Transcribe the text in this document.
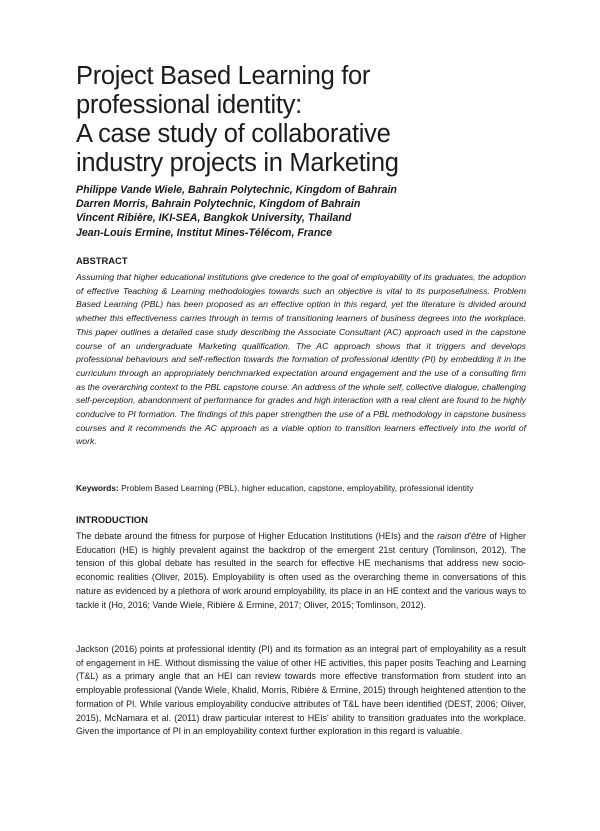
Project Based Learning for
professional identity:
A case study of collaborative
industry projects in Marketing
Philippe Vande Wiele, Bahrain Polytechnic, Kingdom of Bahrain
Darren Morris, Bahrain Polytechnic, Kingdom of Bahrain
Vincent Ribière, IKI-SEA, Bangkok University, Thailand
Jean-Louis Ermine, Institut Mines-Télécom, France
ABSTRACT

Assuming that higher educational institutions give credence to the goal of employability of its graduates, the adoption of effective Teaching & Learning methodologies towards such an objective is vital to its purposefulness. Problem Based Learning (PBL) has been proposed as an effective option in this regard, yet the literature is divided around whether this effectiveness carries through in terms of transitioning learners of business degrees into the workplace. This paper outlines a detailed case study describing the Associate Consultant (AC) approach used in the capstone course of an undergraduate Marketing qualification. The AC approach shows that it triggers and develops professional behaviours and self-reflection towards the formation of professional identity (PI) by embedding it in the curriculum through an appropriately benchmarked expectation around engagement and the use of a consulting firm as the overarching context to the PBL capstone course. An address of the whole self, collective dialogue, challenging self-perception, abandonment of performance for grades and high interaction with a real client are found to be highly conducive to PI formation. The findings of this paper strengthen the use of a PBL methodology in capstone business courses and it recommends the AC approach as a viable option to transition learners effectively into the world of work.

Keywords: Problem Based Learning (PBL), higher education, capstone, employability, professional identity
INTRODUCTION

The debate around the fitness for purpose of Higher Education Institutions (HEIs) and the raison d'être of Higher Education (HE) is highly prevalent against the backdrop of the emergent 21st century (Tomlinson, 2012). The tension of this global debate has resulted in the search for effective HE mechanisms that address new socio-economic realities (Oliver, 2015). Employability is often used as the overarching theme in conversations of this nature as evidenced by a plethora of work around employability, its place in an HE context and the various ways to tackle it (Ho, 2016; Vande Wiele, Ribière & Ermine, 2017; Oliver, 2015; Tomlinson, 2012).

Jackson (2016) points at professional identity (PI) and its formation as an integral part of employability as a result of engagement in HE. Without dismissing the value of other HE activities, this paper posits Teaching and Learning (T&L) as a primary angle that an HEI can review towards more effective transformation from student into an employable professional (Vande Wiele, Khalid, Morris, Ribière & Ermine, 2015) through heightened attention to the formation of PI. While various employability conducive attributes of T&L have been identified (DEST, 2006; Oliver, 2015), McNamara et al. (2011) draw particular interest to HEIs' ability to transition graduates into the workplace. Given the importance of PI in an employability context further exploration in this regard is valuable.
